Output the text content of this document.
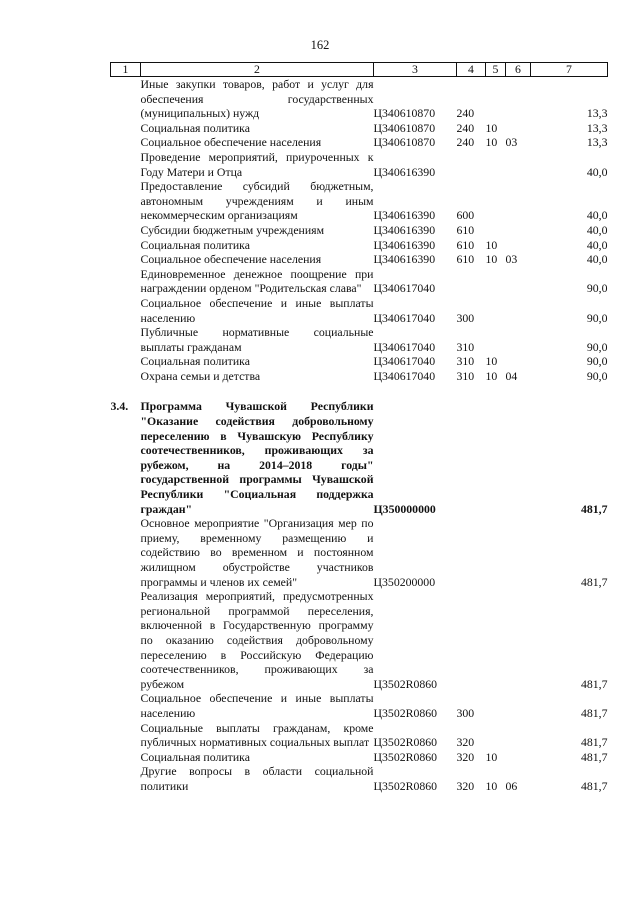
162
1	2	3	4	5	6	7
	Иные закупки товаров, работ и услуг для обеспечения государственных (муниципальных) нужд	Ц340610870	240			13,3
	Социальная политика	Ц340610870	240	10		13,3
	Социальное обеспечение населения	Ц340610870	240	10	03	13,3
	Проведение мероприятий, приуроченных к Году Матери и Отца	Ц340616390				40,0
	Предоставление субсидий бюджетным, автономным учреждениям и иным некоммерческим организациям	Ц340616390	600			40,0
	Субсидии бюджетным учреждениям	Ц340616390	610			40,0
	Социальная политика	Ц340616390	610	10		40,0
	Социальное обеспечение населения	Ц340616390	610	10	03	40,0
	Единовременное денежное поощрение при награждении орденом "Родительская слава"	Ц340617040				90,0
	Социальное обеспечение и иные выплаты населению	Ц340617040	300			90,0
	Публичные нормативные социальные выплаты гражданам	Ц340617040	310			90,0
	Социальная политика	Ц340617040	310	10		90,0
	Охрана семьи и детства	Ц340617040	310	10	04	90,0

3.4.	Программа Чувашской Республики "Оказание содействия добровольному переселению в Чувашскую Республику соотечественников, проживающих за рубежом, на 2014–2018 годы" государственной программы Чувашской Республики "Социальная поддержка граждан"	Ц350000000				481,7
	Основное мероприятие "Организация мер по приему, временному размещению и содействию во временном и постоянном жилищном обустройстве участников программы и членов их семей"	Ц350200000				481,7
	Реализация мероприятий, предусмотренных региональной программой переселения, включенной в Государственную программу по оказанию содействия добровольному переселению в Российскую Федерацию соотечественников, проживающих за рубежом	Ц3502R0860				481,7
	Социальное обеспечение и иные выплаты населению	Ц3502R0860	300			481,7
	Социальные выплаты гражданам, кроме публичных нормативных социальных выплат	Ц3502R0860	320			481,7
	Социальная политика	Ц3502R0860	320	10		481,7
	Другие вопросы в области социальной политики	Ц3502R0860	320	10	06	481,7
